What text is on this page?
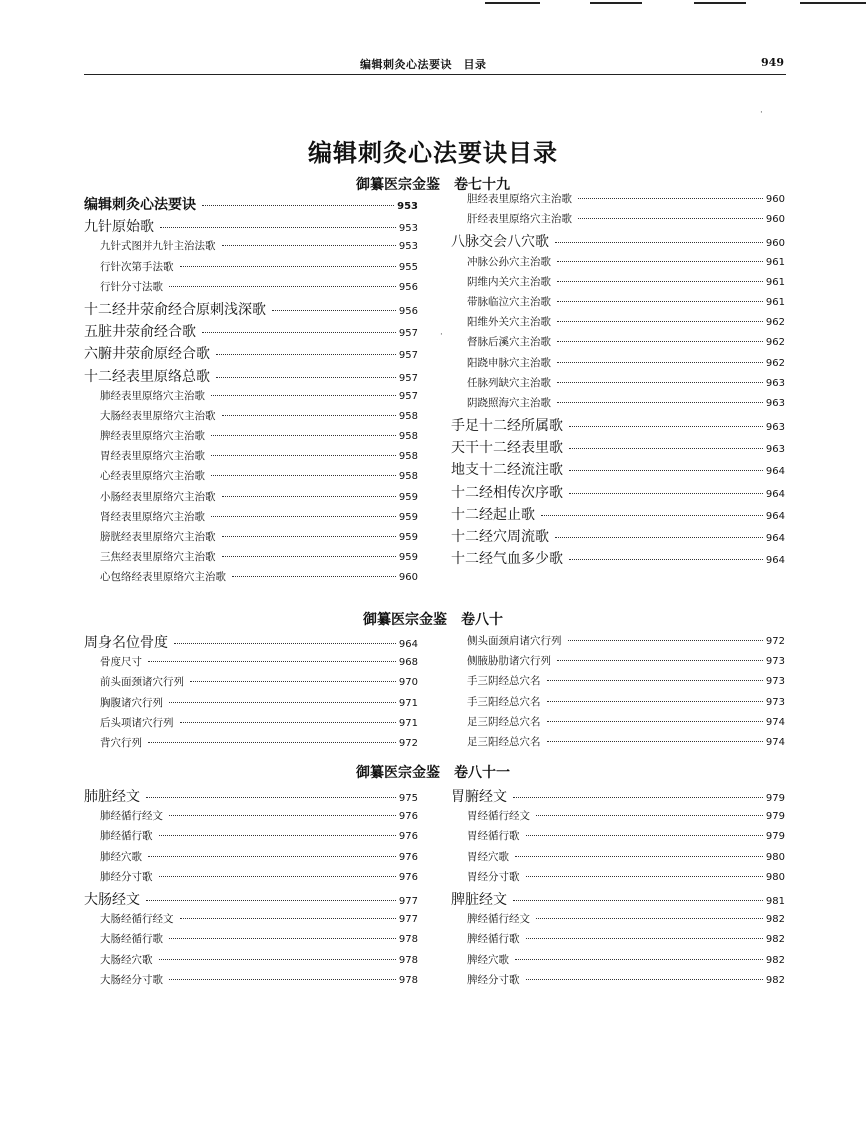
编辑刺灸心法要诀　目录	949
编辑刺灸心法要诀目录
御纂医宗金鉴　卷七十九
编辑刺灸心法要诀	953
九针原始歌	953
九针式图并九针主治法歌	953
行针次第手法歌	955
行针分寸法歌	956
十二经井荥俞经合原刺浅深歌	956
五脏井荥俞经合歌	957
六腑井荥俞原经合歌	957
十二经表里原络总歌	957
肺经表里原络穴主治歌	957
大肠经表里原络穴主治歌	958
脾经表里原络穴主治歌	958
胃经表里原络穴主治歌	958
心经表里原络穴主治歌	958
小肠经表里原络穴主治歌	959
肾经表里原络穴主治歌	959
膀胱经表里原络穴主治歌	959
三焦经表里原络穴主治歌	959
心包络经表里原络穴主治歌	960
胆经表里原络穴主治歌	960
肝经表里原络穴主治歌	960
八脉交会八穴歌	960
冲脉公孙穴主治歌	961
阴维内关穴主治歌	961
带脉临泣穴主治歌	961
阳维外关穴主治歌	962
督脉后溪穴主治歌	962
阳跷申脉穴主治歌	962
任脉列缺穴主治歌	963
阴跷照海穴主治歌	963
手足十二经所属歌	963
天干十二经表里歌	963
地支十二经流注歌	964
十二经相传次序歌	964
十二经起止歌	964
十二经穴周流歌	964
十二经气血多少歌	964
御纂医宗金鉴　卷八十
周身名位骨度	964
骨度尺寸	968
前头面颈诸穴行列	970
胸腹诸穴行列	971
后头项诸穴行列	971
背穴行列	972
侧头面颈肩诸穴行列	972
侧腋胁肋诸穴行列	973
手三阴经总穴名	973
手三阳经总穴名	973
足三阴经总穴名	974
足三阳经总穴名	974
御纂医宗金鉴　卷八十一
肺脏经文	975
肺经循行经文	976
肺经循行歌	976
肺经穴歌	976
肺经分寸歌	976
大肠经文	977
大肠经循行经文	977
大肠经循行歌	978
大肠经穴歌	978
大肠经分寸歌	978
胃腑经文	979
胃经循行经文	979
胃经循行歌	979
胃经穴歌	980
胃经分寸歌	980
脾脏经文	981
脾经循行经文	982
脾经循行歌	982
脾经穴歌	982
脾经分寸歌	982
·
·
